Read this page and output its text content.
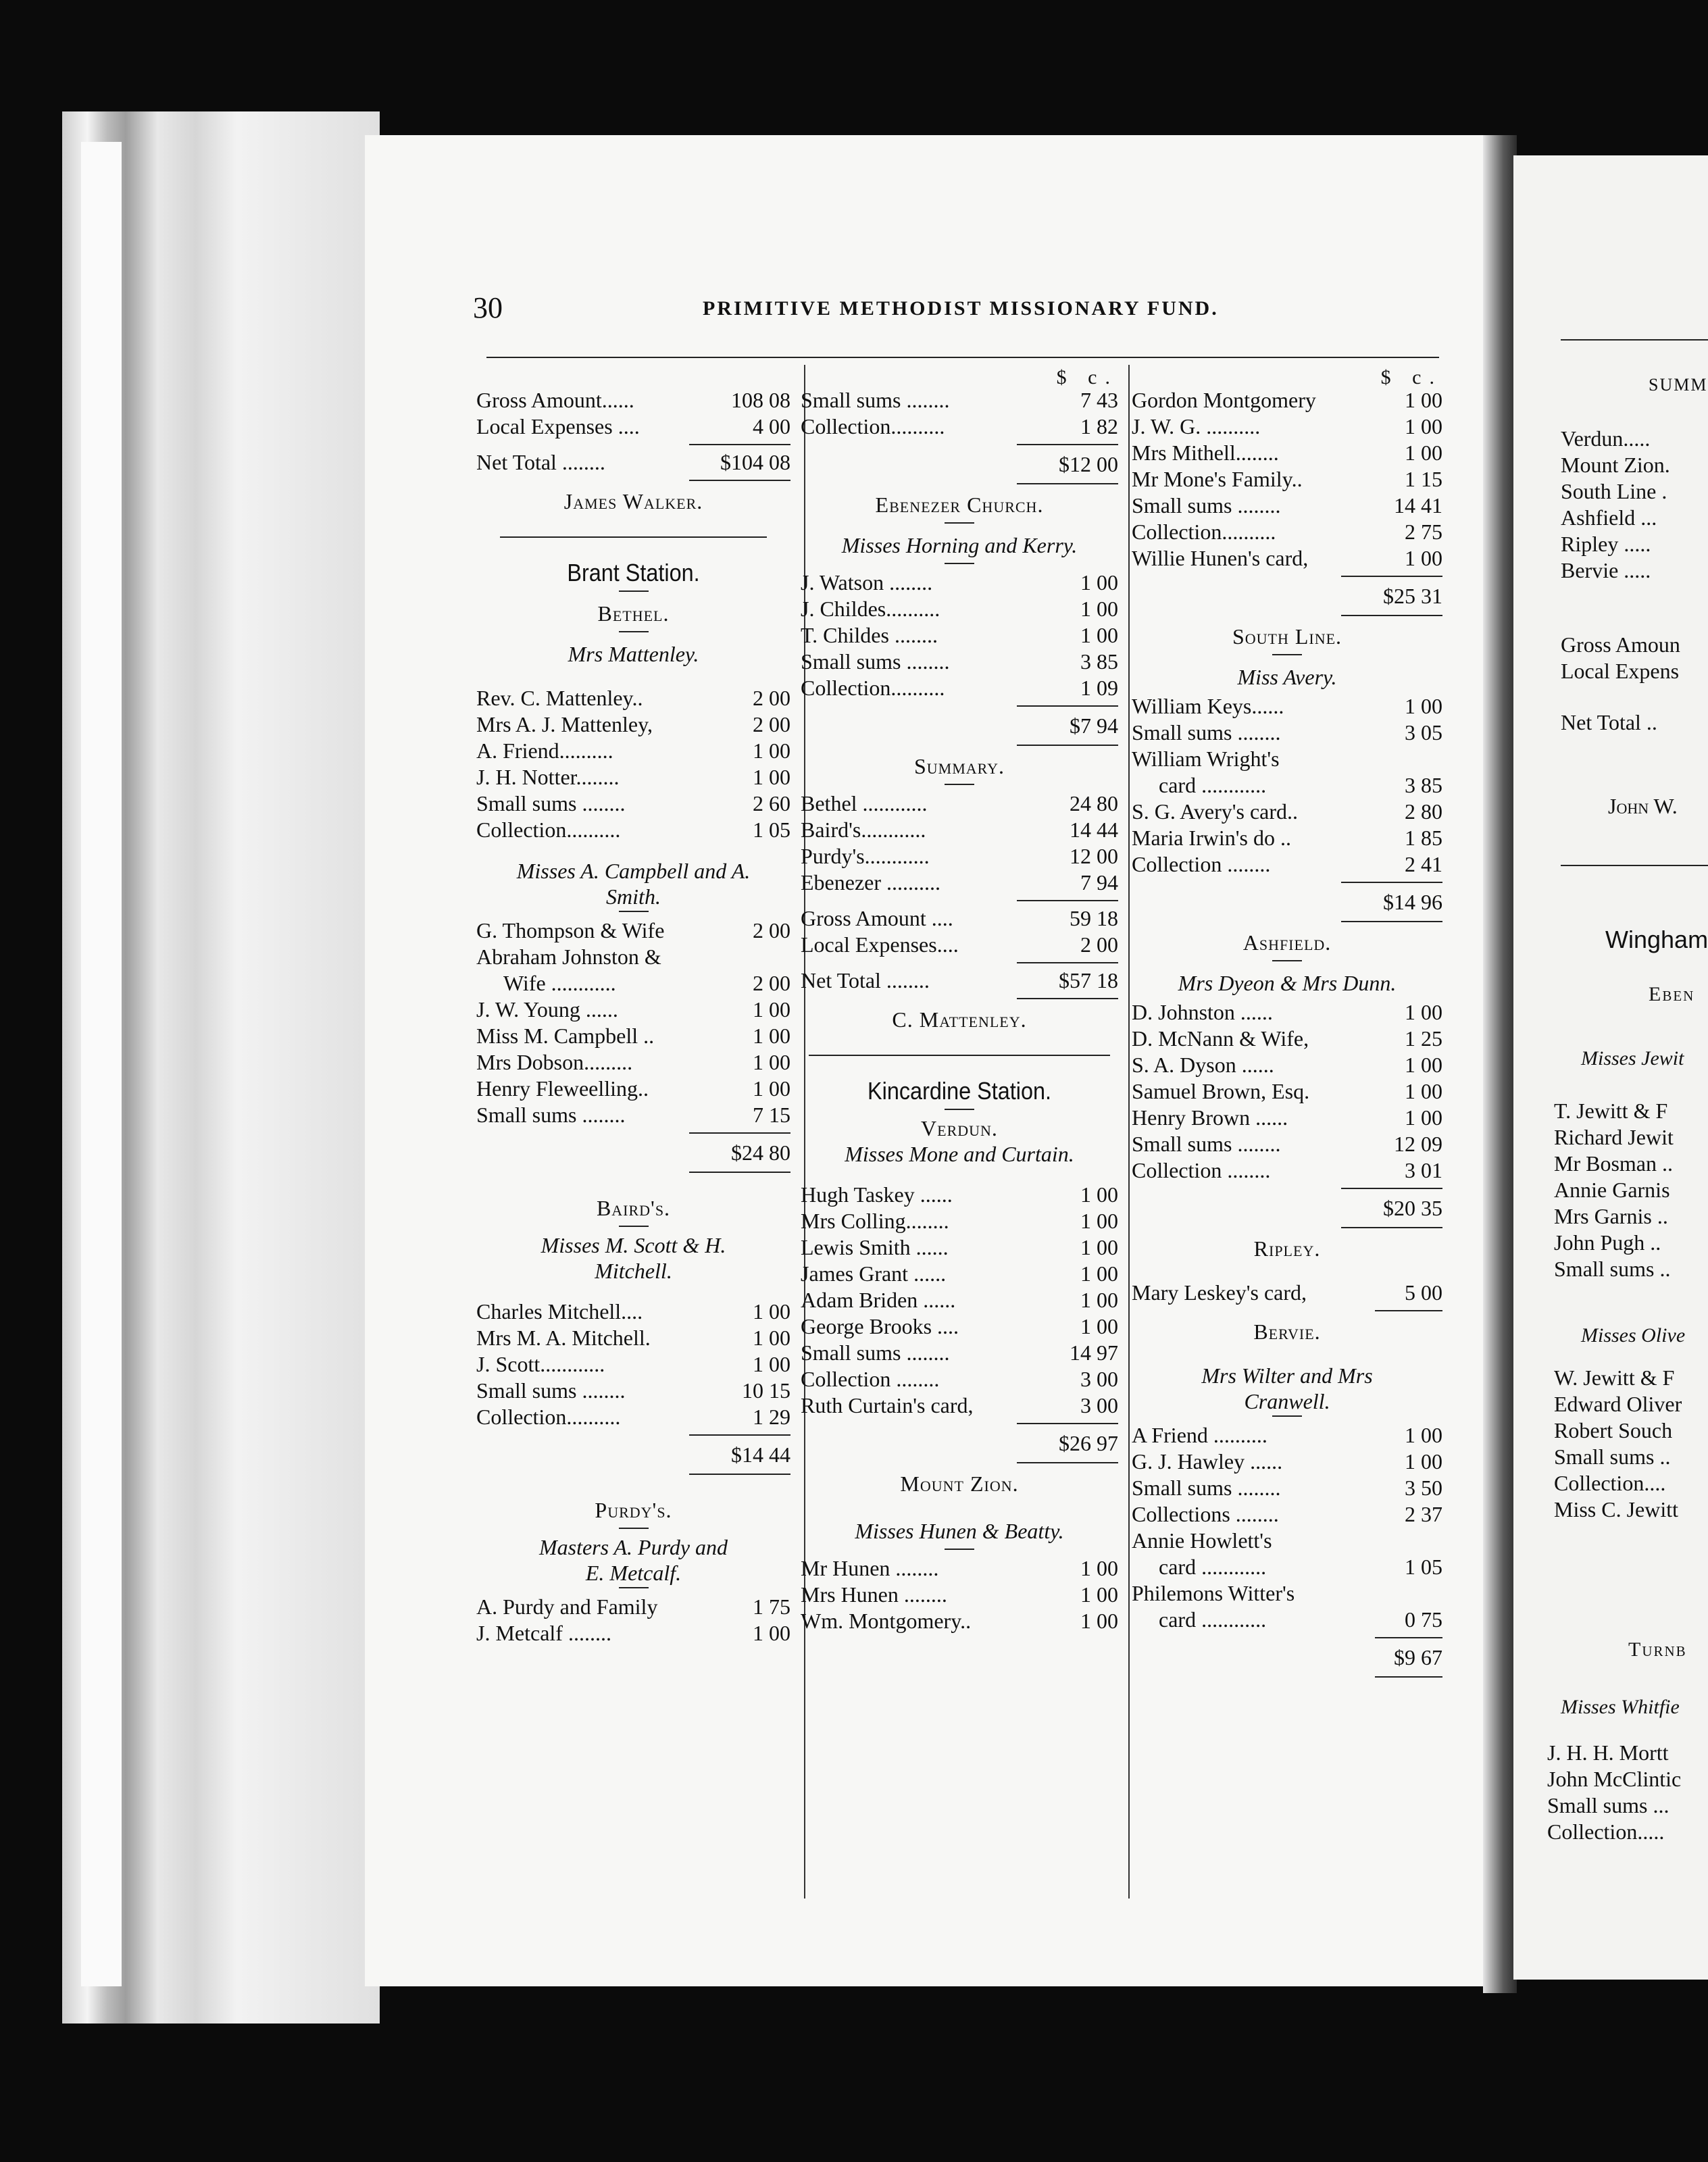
SUMM
Verdun.....
Mount Zion.
South Line .
Ashfield ...
Ripley .....
Bervie .....
Gross Amoun
Local Expens
Net Total ..
John W.
Wingham
Eben
Misses Jewit
T. Jewitt & F
Richard Jewit
Mr Bosman ..
Annie Garnis
Mrs Garnis ..
John Pugh ..
Small sums ..
Misses Olive
W. Jewitt & F
Edward Oliver
Robert Souch
Small sums ..
Collection....
Miss C. Jewitt
Turnb
Misses Whitfie
J. H. H. Mortt
John McClintic
Small sums ...
Collection.....
30	PRIMITIVE METHODIST MISSIONARY FUND.
Gross Amount......	108 08
Local Expenses ....	4 00
Net Total ........	$104 08
James Walker.
Brant Station.
Bethel.
Mrs Mattenley.
Rev. C. Mattenley..	2 00
Mrs A. J. Mattenley,	2 00
A. Friend..........	1 00
J. H. Notter........	1 00
Small sums ........	2 60
Collection..........	1 05
Misses A. Campbell and A.
Smith.
G. Thompson & Wife	2 00
Abraham Johnston &
Wife ............	2 00
J. W. Young ......	1 00
Miss M. Campbell ..	1 00
Mrs Dobson.........	1 00
Henry Fleweelling..	1 00
Small sums ........	7 15
$24 80
Baird's.
Misses M. Scott & H.
Mitchell.
Charles Mitchell....	1 00
Mrs M. A. Mitchell.	1 00
J. Scott............	1 00
Small sums ........	10 15
Collection..........	1 29
$14 44
Purdy's.
Masters A. Purdy and
E. Metcalf.
A. Purdy and Family	1 75
J. Metcalf ........	1 00
$ c.
Small sums ........	7 43
Collection..........	1 82
$12 00
Ebenezer Church.
Misses Horning and Kerry.
J. Watson ........	1 00
J. Childes..........	1 00
T. Childes ........	1 00
Small sums ........	3 85
Collection..........	1 09
$7 94
Summary.
Bethel ............	24 80
Baird's............	14 44
Purdy's............	12 00
Ebenezer ..........	7 94
Gross Amount ....	59 18
Local Expenses....	2 00
Net Total ........	$57 18
C. Mattenley.
Kincardine Station.
Verdun.
Misses Mone and Curtain.
Hugh Taskey ......	1 00
Mrs Colling........	1 00
Lewis Smith ......	1 00
James Grant ......	1 00
Adam Briden ......	1 00
George Brooks ....	1 00
Small sums ........	14 97
Collection ........	3 00
Ruth Curtain's card,	3 00
$26 97
Mount Zion.
Misses Hunen & Beatty.
Mr Hunen ........	1 00
Mrs Hunen ........	1 00
Wm. Montgomery..	1 00
$ c.
Gordon Montgomery	1 00
J. W. G. ..........	1 00
Mrs Mithell........	1 00
Mr Mone's Family..	1 15
Small sums ........	14 41
Collection..........	2 75
Willie Hunen's card,	1 00
$25 31
South Line.
Miss Avery.
William Keys......	1 00
Small sums ........	3 05
William Wright's
card ............	3 85
S. G. Avery's card..	2 80
Maria Irwin's do ..	1 85
Collection ........	2 41
$14 96
Ashfield.
Mrs Dyeon & Mrs Dunn.
D. Johnston ......	1 00
D. McNann & Wife,	1 25
S. A. Dyson ......	1 00
Samuel Brown, Esq.	1 00
Henry Brown ......	1 00
Small sums ........	12 09
Collection ........	3 01
$20 35
Ripley.
Mary Leskey's card,	5 00
Bervie.
Mrs Wilter and Mrs
Cranwell.
A Friend ..........	1 00
G. J. Hawley ......	1 00
Small sums ........	3 50
Collections ........	2 37
Annie Howlett's
card ............	1 05
Philemons Witter's
card ............	0 75
$9 67
